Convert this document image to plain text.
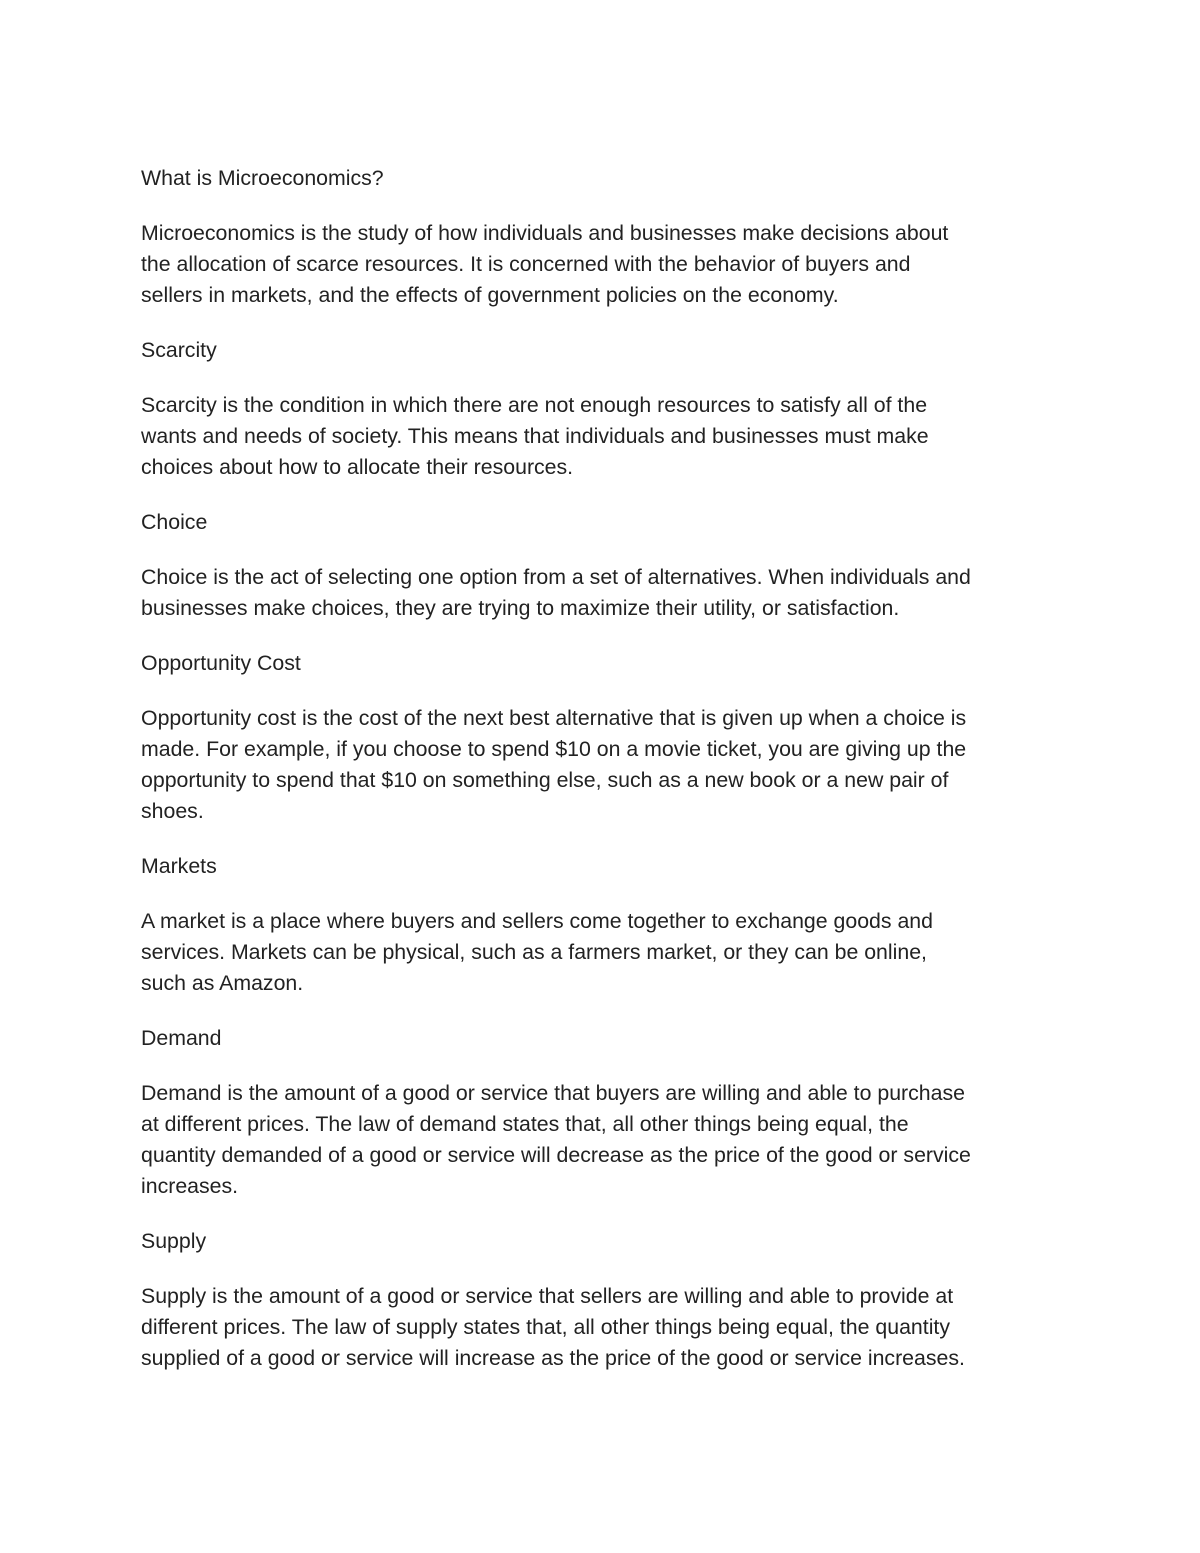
What is Microeconomics?

Microeconomics is the study of how individuals and businesses make decisions about
the allocation of scarce resources. It is concerned with the behavior of buyers and
sellers in markets, and the effects of government policies on the economy.

Scarcity

Scarcity is the condition in which there are not enough resources to satisfy all of the
wants and needs of society. This means that individuals and businesses must make
choices about how to allocate their resources.

Choice

Choice is the act of selecting one option from a set of alternatives. When individuals and
businesses make choices, they are trying to maximize their utility, or satisfaction.

Opportunity Cost

Opportunity cost is the cost of the next best alternative that is given up when a choice is
made. For example, if you choose to spend $10 on a movie ticket, you are giving up the
opportunity to spend that $10 on something else, such as a new book or a new pair of
shoes.

Markets

A market is a place where buyers and sellers come together to exchange goods and
services. Markets can be physical, such as a farmers market, or they can be online,
such as Amazon.

Demand

Demand is the amount of a good or service that buyers are willing and able to purchase
at different prices. The law of demand states that, all other things being equal, the
quantity demanded of a good or service will decrease as the price of the good or service
increases.

Supply

Supply is the amount of a good or service that sellers are willing and able to provide at
different prices. The law of supply states that, all other things being equal, the quantity
supplied of a good or service will increase as the price of the good or service increases.
